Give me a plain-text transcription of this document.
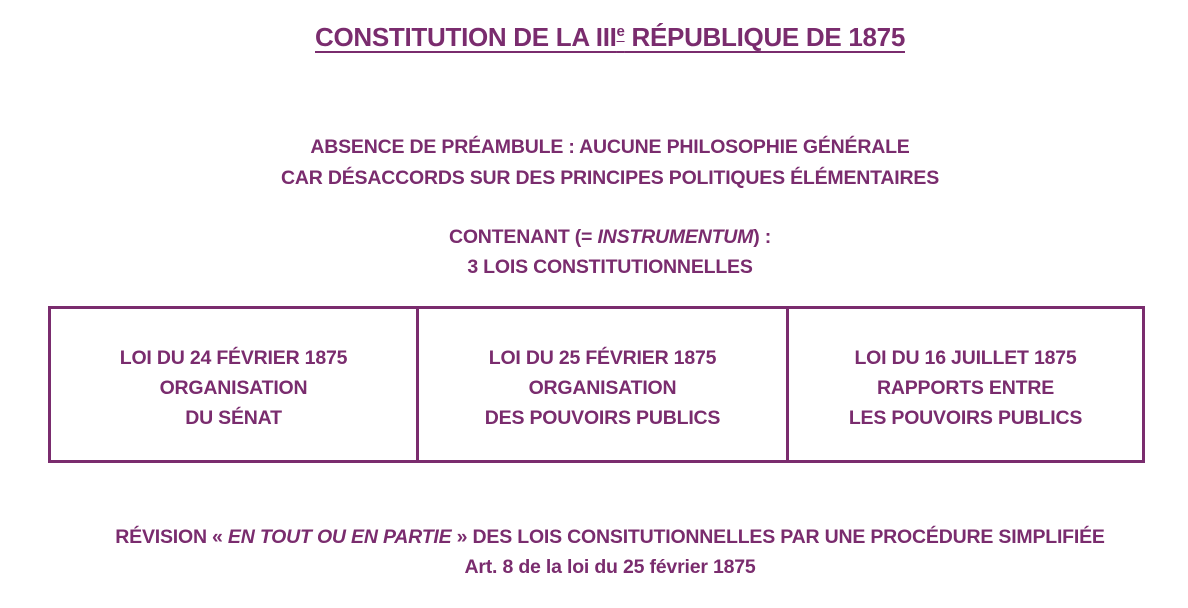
CONSTITUTION DE LA IIIe RÉPUBLIQUE DE 1875
ABSENCE DE PRÉAMBULE : AUCUNE PHILOSOPHIE GÉNÉRALE
CAR DÉSACCORDS SUR DES PRINCIPES POLITIQUES ÉLÉMENTAIRES
CONTENANT (= INSTRUMENTUM) :
3 LOIS CONSTITUTIONNELLES
LOI DU 24 FÉVRIER 1875
ORGANISATION
DU SÉNAT
LOI DU 25 FÉVRIER 1875
ORGANISATION
DES POUVOIRS PUBLICS
LOI DU 16 JUILLET 1875
RAPPORTS ENTRE
LES POUVOIRS PUBLICS
RÉVISION « EN TOUT OU EN PARTIE » DES LOIS CONSITUTIONNELLES PAR UNE PROCÉDURE SIMPLIFIÉE
Art. 8 de la loi du 25 février 1875
